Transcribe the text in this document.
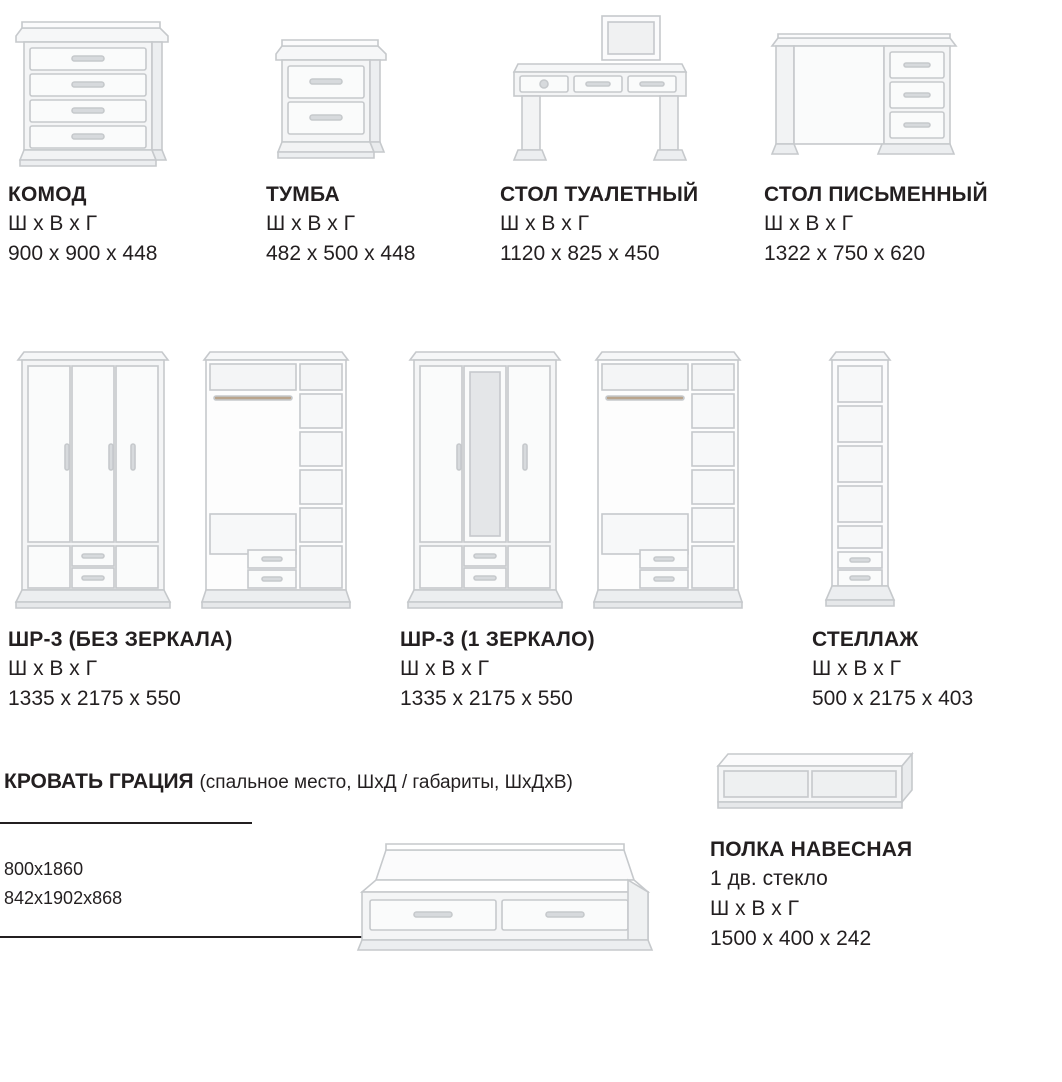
КОМОД
Ш x В x Г
900 x 900 x 448
ТУМБА
Ш x В x Г
482 x 500 x 448
СТОЛ ТУАЛЕТНЫЙ
Ш x В x Г
1120 x 825 x 450
СТОЛ ПИСЬМЕННЫЙ
Ш x В x Г
1322 x 750 x 620
ШР-3 (БЕЗ ЗЕРКАЛА)
Ш x В x Г
1335 x 2175 x 550
ШР-3 (1 ЗЕРКАЛО)
Ш x В x Г
1335 x 2175 x 550
СТЕЛЛАЖ
Ш x В x Г
500 x 2175 x 403
КРОВАТЬ ГРАЦИЯ (спальное место, ШхД / габариты, ШхДхВ)
800x1860
842x1902x868
ПОЛКА НАВЕСНАЯ
1 дв. стекло
Ш x В x Г
1500 x 400 x 242
